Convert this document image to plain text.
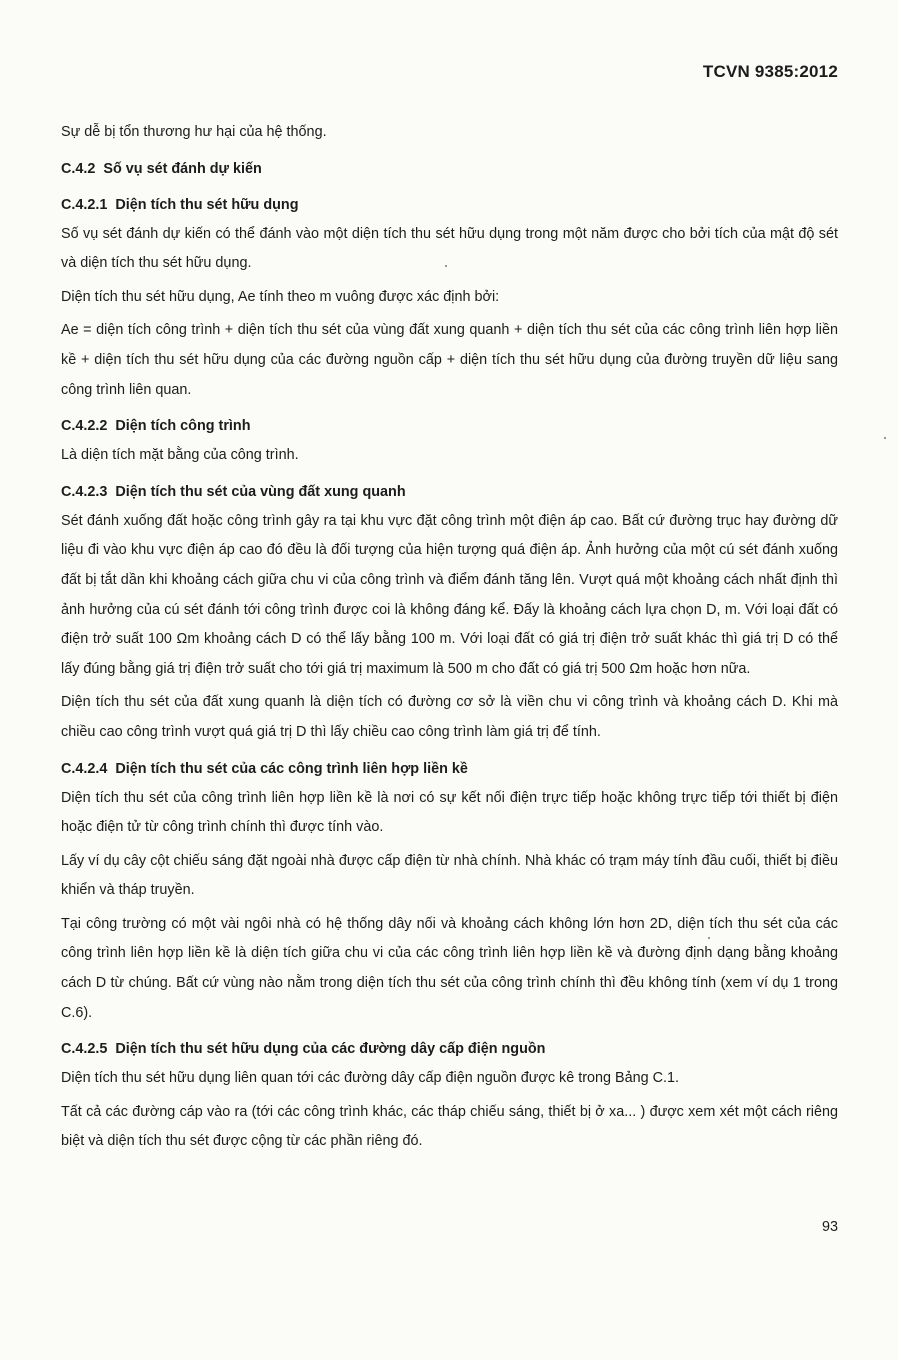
TCVN 9385:2012

Sự dễ bị tổn thương hư hại của hệ thống.

C.4.2 Số vụ sét đánh dự kiến
C.4.2.1 Diện tích thu sét hữu dụng

Số vụ sét đánh dự kiến có thể đánh vào một diện tích thu sét hữu dụng trong một năm được cho bởi tích của mật độ sét và diện tích thu sét hữu dụng.

Diện tích thu sét hữu dụng, Ae tính theo m vuông được xác định bởi:

Ae = diện tích công trình + diện tích thu sét của vùng đất xung quanh + diện tích thu sét của các công trình liên hợp liền kề + diện tích thu sét hữu dụng của các đường nguồn cấp + diện tích thu sét hữu dụng của đường truyền dữ liệu sang công trình liên quan.

C.4.2.2 Diện tích công trình

Là diện tích mặt bằng của công trình.

C.4.2.3 Diện tích thu sét của vùng đất xung quanh

Sét đánh xuống đất hoặc công trình gây ra tại khu vực đặt công trình một điện áp cao. Bất cứ đường trục hay đường dữ liệu đi vào khu vực điện áp cao đó đều là đối tượng của hiện tượng quá điện áp. Ảnh hưởng của một cú sét đánh xuống đất bị tắt dần khi khoảng cách giữa chu vi của công trình và điểm đánh tăng lên. Vượt quá một khoảng cách nhất định thì ảnh hưởng của cú sét đánh tới công trình được coi là không đáng kể. Đấy là khoảng cách lựa chọn D, m. Với loại đất có điện trở suất 100 Ωm khoảng cách D có thể lấy bằng 100 m. Với loại đất có giá trị điện trở suất khác thì giá trị D có thể lấy đúng bằng giá trị điện trở suất cho tới giá trị maximum là 500 m cho đất có giá trị 500 Ωm hoặc hơn nữa.

Diện tích thu sét của đất xung quanh là diện tích có đường cơ sở là viền chu vi công trình và khoảng cách D. Khi mà chiều cao công trình vượt quá giá trị D thì lấy chiều cao công trình làm giá trị để tính.

C.4.2.4 Diện tích thu sét của các công trình liên hợp liền kề

Diện tích thu sét của công trình liên hợp liền kề là nơi có sự kết nối điện trực tiếp hoặc không trực tiếp tới thiết bị điện hoặc điện tử từ công trình chính thì được tính vào.

Lấy ví dụ cây cột chiếu sáng đặt ngoài nhà được cấp điện từ nhà chính. Nhà khác có trạm máy tính đầu cuối, thiết bị điều khiển và tháp truyền.

Tại công trường có một vài ngôi nhà có hệ thống dây nối và khoảng cách không lớn hơn 2D, diện tích thu sét của các công trình liên hợp liền kề là diện tích giữa chu vi của các công trình liên hợp liền kề và đường định dạng bằng khoảng cách D từ chúng. Bất cứ vùng nào nằm trong diện tích thu sét của công trình chính thì đều không tính (xem ví dụ 1 trong C.6).

C.4.2.5 Diện tích thu sét hữu dụng của các đường dây cấp điện nguồn

Diện tích thu sét hữu dụng liên quan tới các đường dây cấp điện nguồn được kê trong Bảng C.1.

Tất cả các đường cáp vào ra (tới các công trình khác, các tháp chiếu sáng, thiết bị ở xa... ) được xem xét một cách riêng biệt và diện tích thu sét được cộng từ các phần riêng đó.

93
